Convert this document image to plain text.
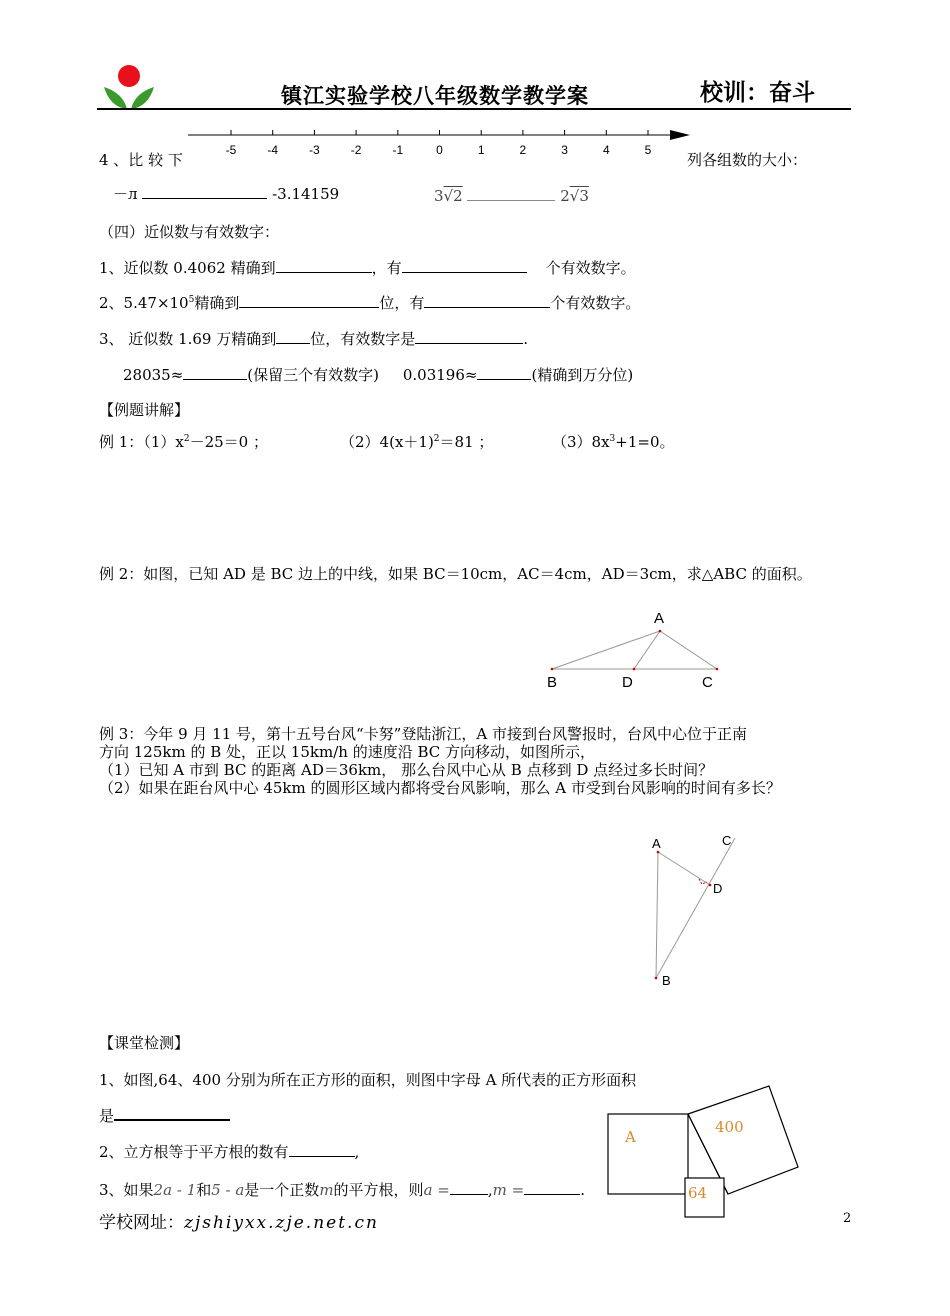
镇江实验学校八年级数学教学案	校训：奋斗
-5	-4	-3	-2	-1	0	1	2	3	4	5
4 、比 较 下	列各组数的大小：
－л	-3.14159	3√2	2√3
（四）近似数与有效数字：
1、近似数 0.4062 精确到	，有	个有效数字。
2、$5.47\times 10^5$精确到	位，有	个有效数字。
3、 近似数 1.69 万精确到 位，有效数字是	.
28035≈	(保留三个有效数字) 0.03196≈	(精确到万分位)
【例题讲解】
例 1：$(1)x^2-25=0$ ；	$(2)4(x+1)^2=81$ ；	$(3)8x^3+1=0$。
例 2：如图，已知 AD 是 BC 边上的中线，如果 BC＝10cm，AC＝4cm，AD＝3cm，求△ABC 的面积。
A
B	D	C
例 3：今年 9 月 11 号，第十五号台风“卡努”登陆浙江，A 市接到台风警报时，台风中心位于正南
方向 125km 的 B 处，正以 15km/h 的速度沿 BC 方向移动，如图所示，
（1）已知 A 市到 BC 的距离 AD＝36km， 那么台风中心从 B 点移到 D 点经过多长时间？
（2）如果在距台风中心 45km 的圆形区域内都将受台风影响，那么 A 市受到台风影响的时间有多长？
A	C
D
B
【课堂检测】
1、如图,64、400 分别为所在正方形的面积，则图中字母 A 所代表的正方形面积
是
2、立方根等于平方根的数有	,
3、如果2a - 1和5 - a是一个正数m的平方根，则a =	,m =	.
A
400
64
学校网址：zjshiyxx.zje.net.cn	2
